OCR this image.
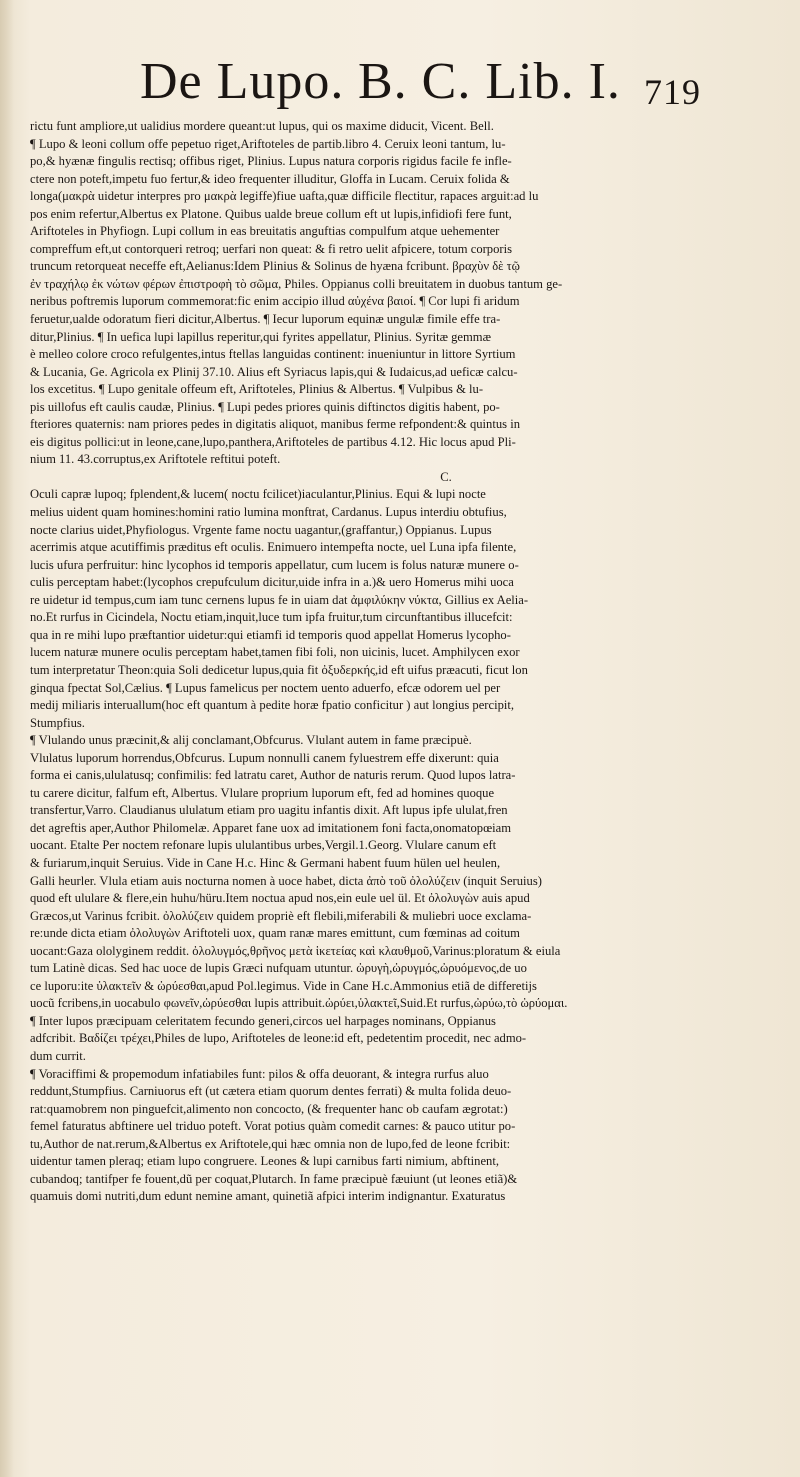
De Lupo. B. C. Lib. I. 719
rictu funt ampliore,ut ualidius mordere queant:ut lupus, qui os maxime diducit, Vicent. Bell.
¶ Lupo & leoni collum offe pepetuo riget,Ariftoteles de partib.libro 4. Ceruix leoni tantum, lu-
po,& hyænæ fingulis rectisq; offibus riget, Plinius. Lupus natura corporis rigidus facile fe infle-
ctere non poteft,impetu fuo fertur,& ideo frequenter illuditur, Gloffa in Lucam. Ceruix folida &
longa(μακρὰ uidetur interpres pro μακρὰ legiffe)fiue uafta,quæ difficile flectitur, rapaces arguit:ad lu
pos enim refertur,Albertus ex Platone. Quibus ualde breue collum eft ut lupis,infidiofi fere funt,
Ariftoteles in Phyfiogn. Lupi collum in eas breuitatis anguftias compulfum atque uehementer
compreffum eft,ut contorqueri retroq; uerfari non queat: & fi retro uelit afpicere, totum corporis
truncum retorqueat neceffe eft,Aelianus:Idem Plinius & Solinus de hyæna fcribunt. βραχὺν δὲ τῷ
ἐν τραχήλῳ ἐκ νώτων φέρων ἐπιστροφὴ τὸ σῶμα, Philes. Oppianus colli breuitatem in duobus tantum ge-
neribus poftremis luporum commemorat:fic enim accipio illud αὐχένα βαιοί. ¶ Cor lupi fi aridum
feruetur,ualde odoratum fieri dicitur,Albertus. ¶ Iecur luporum equinæ ungulæ fimile effe tra-
ditur,Plinius. ¶ In uefica lupi lapillus reperitur,qui fyrites appellatur, Plinius. Syritæ gemmæ
è melleo colore croco refulgentes,intus ftellas languidas continent: inueniuntur in littore Syrtium
& Lucania, Ge. Agricola ex Plinij 37.10. Alius eft Syriacus lapis,qui & Iudaicus,ad ueficæ calcu-
los excetitus. ¶ Lupo genitale offeum eft, Ariftoteles, Plinius & Albertus. ¶ Vulpibus & lu-
pis uillofus eft caulis caudæ, Plinius. ¶ Lupi pedes priores quinis diftinctos digitis habent, po-
fteriores quaternis: nam priores pedes in digitatis aliquot, manibus ferme refpondent:& quintus in
eis digitus pollici:ut in leone,cane,lupo,panthera,Ariftoteles de partibus 4.12. Hic locus apud Pli-
nium 11. 43.corruptus,ex Ariftotele reftitui poteft.
C.
Oculi capræ lupoq; fplendent,& lucem( noctu fcilicet)iaculantur,Plinius. Equi & lupi nocte
melius uident quam homines:homini ratio lumina monftrat, Cardanus. Lupus interdiu obtufius,
nocte clarius uidet,Phyfiologus. Vrgente fame noctu uagantur,(graffantur,) Oppianus. Lupus
acerrimis atque acutiffimis præditus eft oculis. Enimuero intempefta nocte, uel Luna ipfa filente,
lucis ufura perfruitur: hinc lycophos id temporis appellatur, cum lucem is folus naturæ munere o-
culis perceptam habet:(lycophos crepufculum dicitur,uide infra in a.)& uero Homerus mihi uoca
re uidetur id tempus,cum iam tunc cernens lupus fe in uiam dat ἀμφιλύκην νύκτα, Gillius ex Aelia-
no.Et rurfus in Cicindela, Noctu etiam,inquit,luce tum ipfa fruitur,tum circunftantibus illucefcit:
qua in re mihi lupo præftantior uidetur:qui etiamfi id temporis quod appellat Homerus lycopho-
lucem naturæ munere oculis perceptam habet,tamen fibi foli, non uicinis, lucet. Amphilycen exor
tum interpretatur Theon:quia Soli dedicetur lupus,quia fit ὀξυδερκής,id eft uifus præacuti, ficut lon
ginqua fpectat Sol,Cælius. ¶ Lupus famelicus per noctem uento aduerfo, efcæ odorem uel per
medij miliaris interuallum(hoc eft quantum à pedite horæ fpatio conficitur ) aut longius percipit,
Stumpfius.
¶ Vlulando unus præcinit,& alij conclamant,Obfcurus. Vlulant autem in fame præcipuè.
Vlulatus luporum horrendus,Obfcurus. Lupum nonnulli canem fyluestrem effe dixerunt: quia
forma ei canis,ululatusq; confimilis: fed latratu caret, Author de naturis rerum. Quod lupos latra-
tu carere dicitur, falfum eft, Albertus. Vlulare proprium luporum eft, fed ad homines quoque
transfertur,Varro. Claudianus ululatum etiam pro uagitu infantis dixit. Aft lupus ipfe ululat,fren
det agreftis aper,Author Philomelæ. Apparet fane uox ad imitationem foni facta,onomatopœiam
uocant. Etalte Per noctem refonare lupis ululantibus urbes,Vergil.1.Georg. Vlulare canum eft
& furiarum,inquit Seruius. Vide in Cane H.c. Hinc & Germani habent fuum hülen uel heulen,
Galli heurler. Vlula etiam auis nocturna nomen à uoce habet, dicta ἀπὸ τοῦ ὀλολύζειν (inquit Seruius)
quod eft ululare & flere,ein huhu/hüru.Item noctua apud nos,ein eule uel ül. Et ὀλολυγὼν auis apud
Græcos,ut Varinus fcribit. ὀλολύζειν quidem propriè eft flebili,miferabili & muliebri uoce exclama-
re:unde dicta etiam ὀλολυγὼν Ariftoteli uox, quam ranæ mares emittunt, cum fœminas ad coitum
uocant:Gaza ololyginem reddit. ὀλολυγμός,θρῆνος μετὰ ἱκετείας καὶ κλαυθμοῦ,Varinus:ploratum & eiula
tum Latinè dicas. Sed hac uoce de lupis Græci nufquam utuntur. ὠρυγὴ,ὠρυγμός,ὠρυόμενος,de uo
ce luporu:ite ὑλακτεῖν & ὠρύεσθαι,apud Pol.legimus. Vide in Cane H.c.Ammonius etiã de differetijs
uocũ fcribens,in uocabulo φωνεῖν,ὠρύεσθαι lupis attribuit.ὠρύει,ὑλακτεῖ,Suid.Et rurfus,ὠρύω,τὸ ὠρύομαι.
¶ Inter lupos præcipuam celeritatem fecundo generi,circos uel harpages nominans, Oppianus
adfcribit. Βαδίζει τρέχει,Philes de lupo, Ariftoteles de leone:id eft, pedetentim procedit, nec admo-
dum currit.
¶ Voraciffimi & propemodum infatiabiles funt: pilos & offa deuorant, & integra rurfus aluo
reddunt,Stumpfius. Carniuorus eft (ut cætera etiam quorum dentes ferrati) & multa folida deuo-
rat:quamobrem non pinguefcit,alimento non concocto, (& frequenter hanc ob caufam ægrotat:)
femel faturatus abftinere uel triduo poteft. Vorat potius quàm comedit carnes: & pauco utitur po-
tu,Author de nat.rerum,&Albertus ex Ariftotele,qui hæc omnia non de lupo,fed de leone fcribit:
uidentur tamen pleraq; etiam lupo congruere. Leones & lupi carnibus farti nimium, abftinent,
cubandoq; tantifper fe fouent,dũ per coquat,Plutarch. In fame præcipuè fæuiunt (ut leones etiã)&
quamuis domi nutriti,dum edunt nemine amant, quinetiã afpici interim indignantur. Exaturatus
